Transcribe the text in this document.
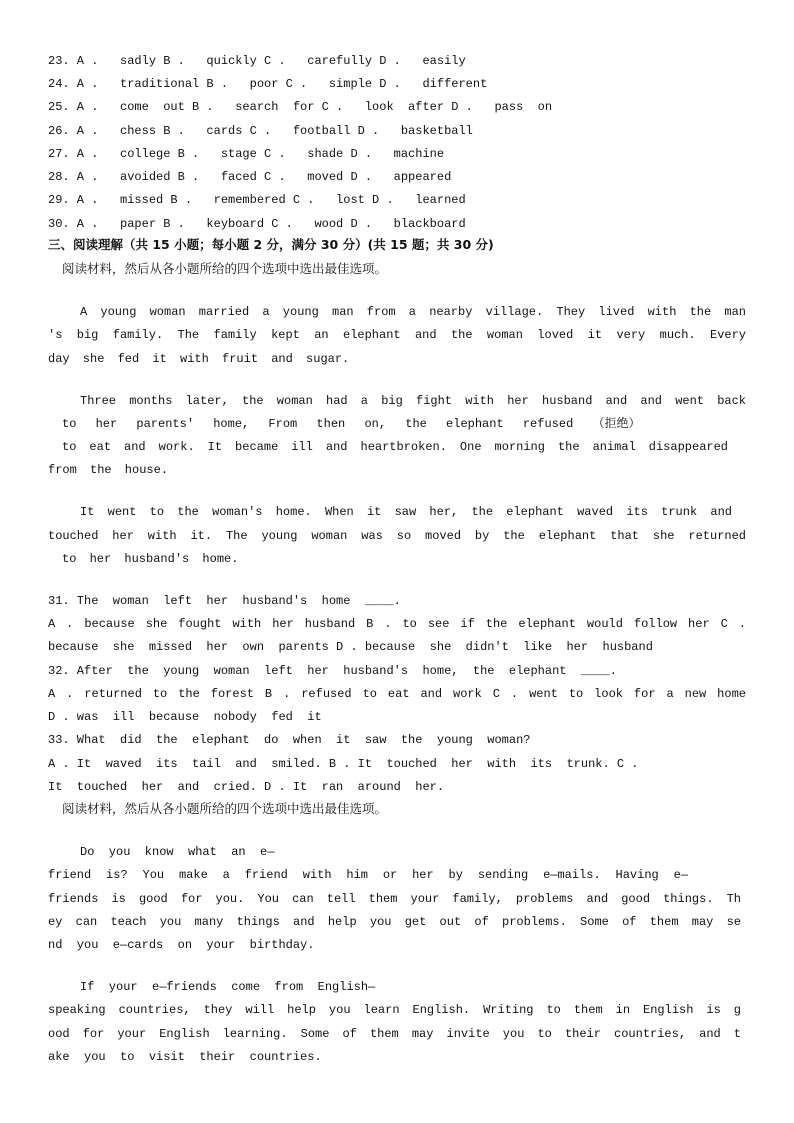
23. A .   sadly B .   quickly C .   carefully D .   easily
24. A .   traditional B .   poor C .   simple D .   different
25. A .   come  out B .   search  for C .   look  after D .   pass  on
26. A .   chess B .   cards C .   football D .   basketball
27. A .   college B .   stage C .   shade D .   machine
28. A .   avoided B .   faced C .   moved D .   appeared
29. A .   missed B .   remembered C .   lost D .   learned
30. A .   paper B .   keyboard C .   wood D .   blackboard
三、阅读理解（共 15 小题；每小题 2 分，满分 30 分）(共 15 题；共 30 分)
阅读材料，然后从各小题所给的四个选项中选出最佳选项。
A young woman married a young man from a nearby village. They lived with the man
's big family. The family kept an elephant and the woman loved it very much. Every
day she fed it with fruit and sugar.
Three months later, the woman had a big fight with her husband and and went back
to her parents' home, From then on, the elephant refused （拒绝）
to eat and work. It became ill and heartbroken. One morning the animal disappeared
from the house.
It went to the woman's home. When it saw her, the elephant waved its trunk and
touched her with it. The young woman was so moved by the elephant that she returned
to her husband's home.
31. The  woman  left  her  husband's  home  ____.
A . because she fought with her husband B . to see if the elephant would follow her C .
because  she  missed  her  own  parents D . because  she  didn't  like  her  husband
32. After  the  young  woman  left  her  husband's  home,  the  elephant  ____.
A . returned to the forest B . refused to eat and work C . went to look for a new home
D . was  ill  because  nobody  fed  it
33. What  did  the  elephant  do  when  it  saw  the  young  woman?
A . It  waved  its  tail  and  smiled. B . It  touched  her  with  its  trunk. C .
It  touched  her  and  cried. D . It  ran  around  her.
阅读材料，然后从各小题所给的四个选项中选出最佳选项。
Do  you  know  what  an  e—
friend is? You make a friend with him or her by sending e—mails. Having e—
friends is good for you. You can tell them your family, problems and good things. Th
ey can teach you many things and help you get out of problems. Some of them may se
nd  you  e—cards  on  your  birthday.
If  your  e—friends  come  from  English—
speaking countries, they will help you learn English. Writing to them in English is g
ood for your English learning. Some of them may invite you to their countries, and t
ake  you  to  visit  their  countries.
